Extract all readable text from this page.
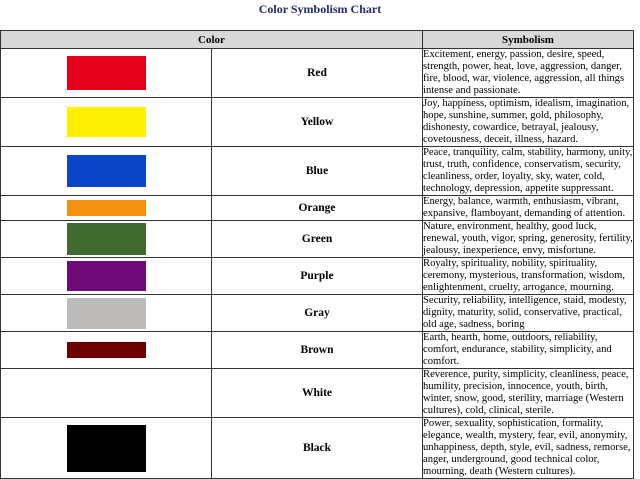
Color Symbolism Chart
Color		Symbolism

	Red	Excitement, energy, passion, desire, speed, strength, power, heat, love, aggression, danger, fire, blood, war, violence, aggression, all things intense and passionate.

	Yellow	Joy, happiness, optimism, idealism, imagination, hope, sunshine, summer, gold, philosophy, dishonesty, cowardice, betrayal, jealousy, covetousness, deceit, illness, hazard.

	Blue	Peace, tranquility, calm, stability, harmony, unity, trust, truth, confidence, conservatism, security, cleanliness, order, loyalty, sky, water, cold, technology, depression, appetite suppressant.

	Orange	Energy, balance, warmth, enthusiasm, vibrant, expansive, flamboyant, demanding of attention.

	Green	Nature, environment, healthy, good luck, renewal, youth, vigor, spring, generosity, fertility, jealousy, inexperience, envy, misfortune.

	Purple	Royalty, spirituality, nobility, spirituality, ceremony, mysterious, transformation, wisdom, enlightenment, cruelty, arrogance, mourning.

	Gray	Security, reliability, intelligence, staid, modesty, dignity, maturity, solid, conservative, practical, old age, sadness, boring

	Brown	Earth, hearth, home, outdoors, reliability, comfort, endurance, stability, simplicity, and comfort.

	White	Reverence, purity, simplicity, cleanliness, peace, humility, precision, innocence, youth, birth, winter, snow, good, sterility, marriage (Western cultures), cold, clinical, sterile.

	Black	Power, sexuality, sophistication, formality, elegance, wealth, mystery, fear, evil, anonymity, unhappiness, depth, style, evil, sadness, remorse, anger, underground, good technical color, mourning, death (Western cultures).
